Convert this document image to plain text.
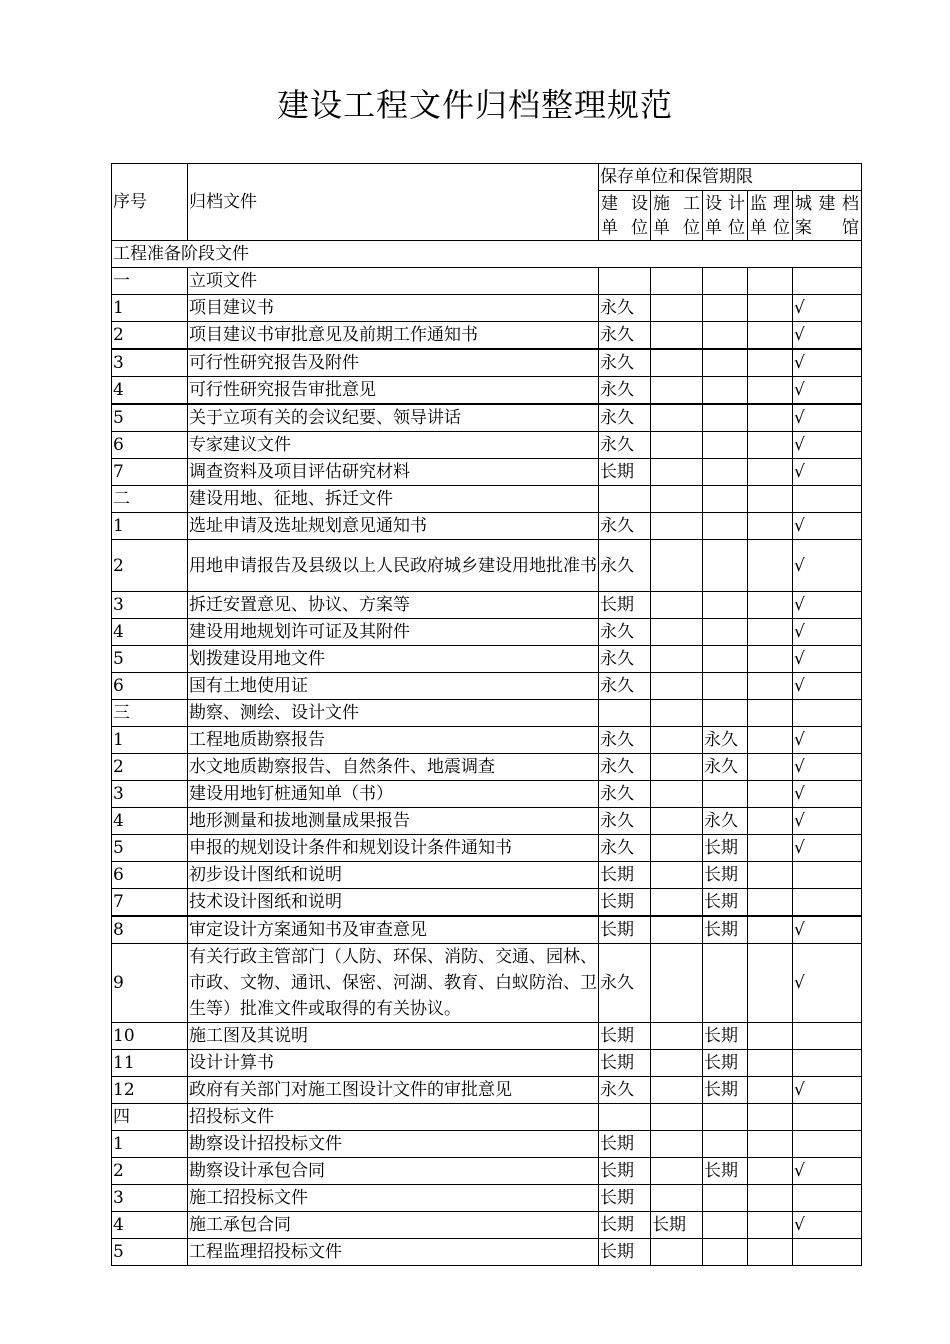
建设工程文件归档整理规范
序号	归档文件	保存单位和保管期限				
		建 设单位	施 工单位	设 计单位	监 理单位	城 建 档案馆
工程准备阶段文件						
一	立项文件					
1	项目建议书	永久				√
2	项目建议书审批意见及前期工作通知书	永久				√
3	可行性研究报告及附件	永久				√
4	可行性研究报告审批意见	永久				√
5	关于立项有关的会议纪要、领导讲话	永久				√
6	专家建议文件	永久				√
7	调查资料及项目评估研究材料	长期				√
二	建设用地、征地、拆迁文件					
1	选址申请及选址规划意见通知书	永久				√
2	用地申请报告及县级以上人民政府城乡建设用地批准书	永久				√
3	拆迁安置意见、协议、方案等	长期				√
4	建设用地规划许可证及其附件	永久				√
5	划拨建设用地文件	永久				√
6	国有土地使用证	永久				√
三	勘察、测绘、设计文件					
1	工程地质勘察报告	永久		永久		√
2	水文地质勘察报告、自然条件、地震调查	永久		永久		√
3	建设用地钉桩通知单（书）	永久				√
4	地形测量和拔地测量成果报告	永久		永久		√
5	申报的规划设计条件和规划设计条件通知书	永久		长期		√
6	初步设计图纸和说明	长期		长期		
7	技术设计图纸和说明	长期		长期		
8	审定设计方案通知书及审查意见	长期		长期		√
9	有关行政主管部门（人防、环保、消防、交通、园林、市政、文物、通讯、保密、河湖、教育、白蚁防治、卫生等）批准文件或取得的有关协议。	永久				√
10	施工图及其说明	长期		长期		
11	设计计算书	长期		长期		
12	政府有关部门对施工图设计文件的审批意见	永久		长期		√
四	招投标文件					
1	勘察设计招投标文件	长期				
2	勘察设计承包合同	长期		长期		√
3	施工招投标文件	长期				
4	施工承包合同	长期	长期			√
5	工程监理招投标文件	长期				
